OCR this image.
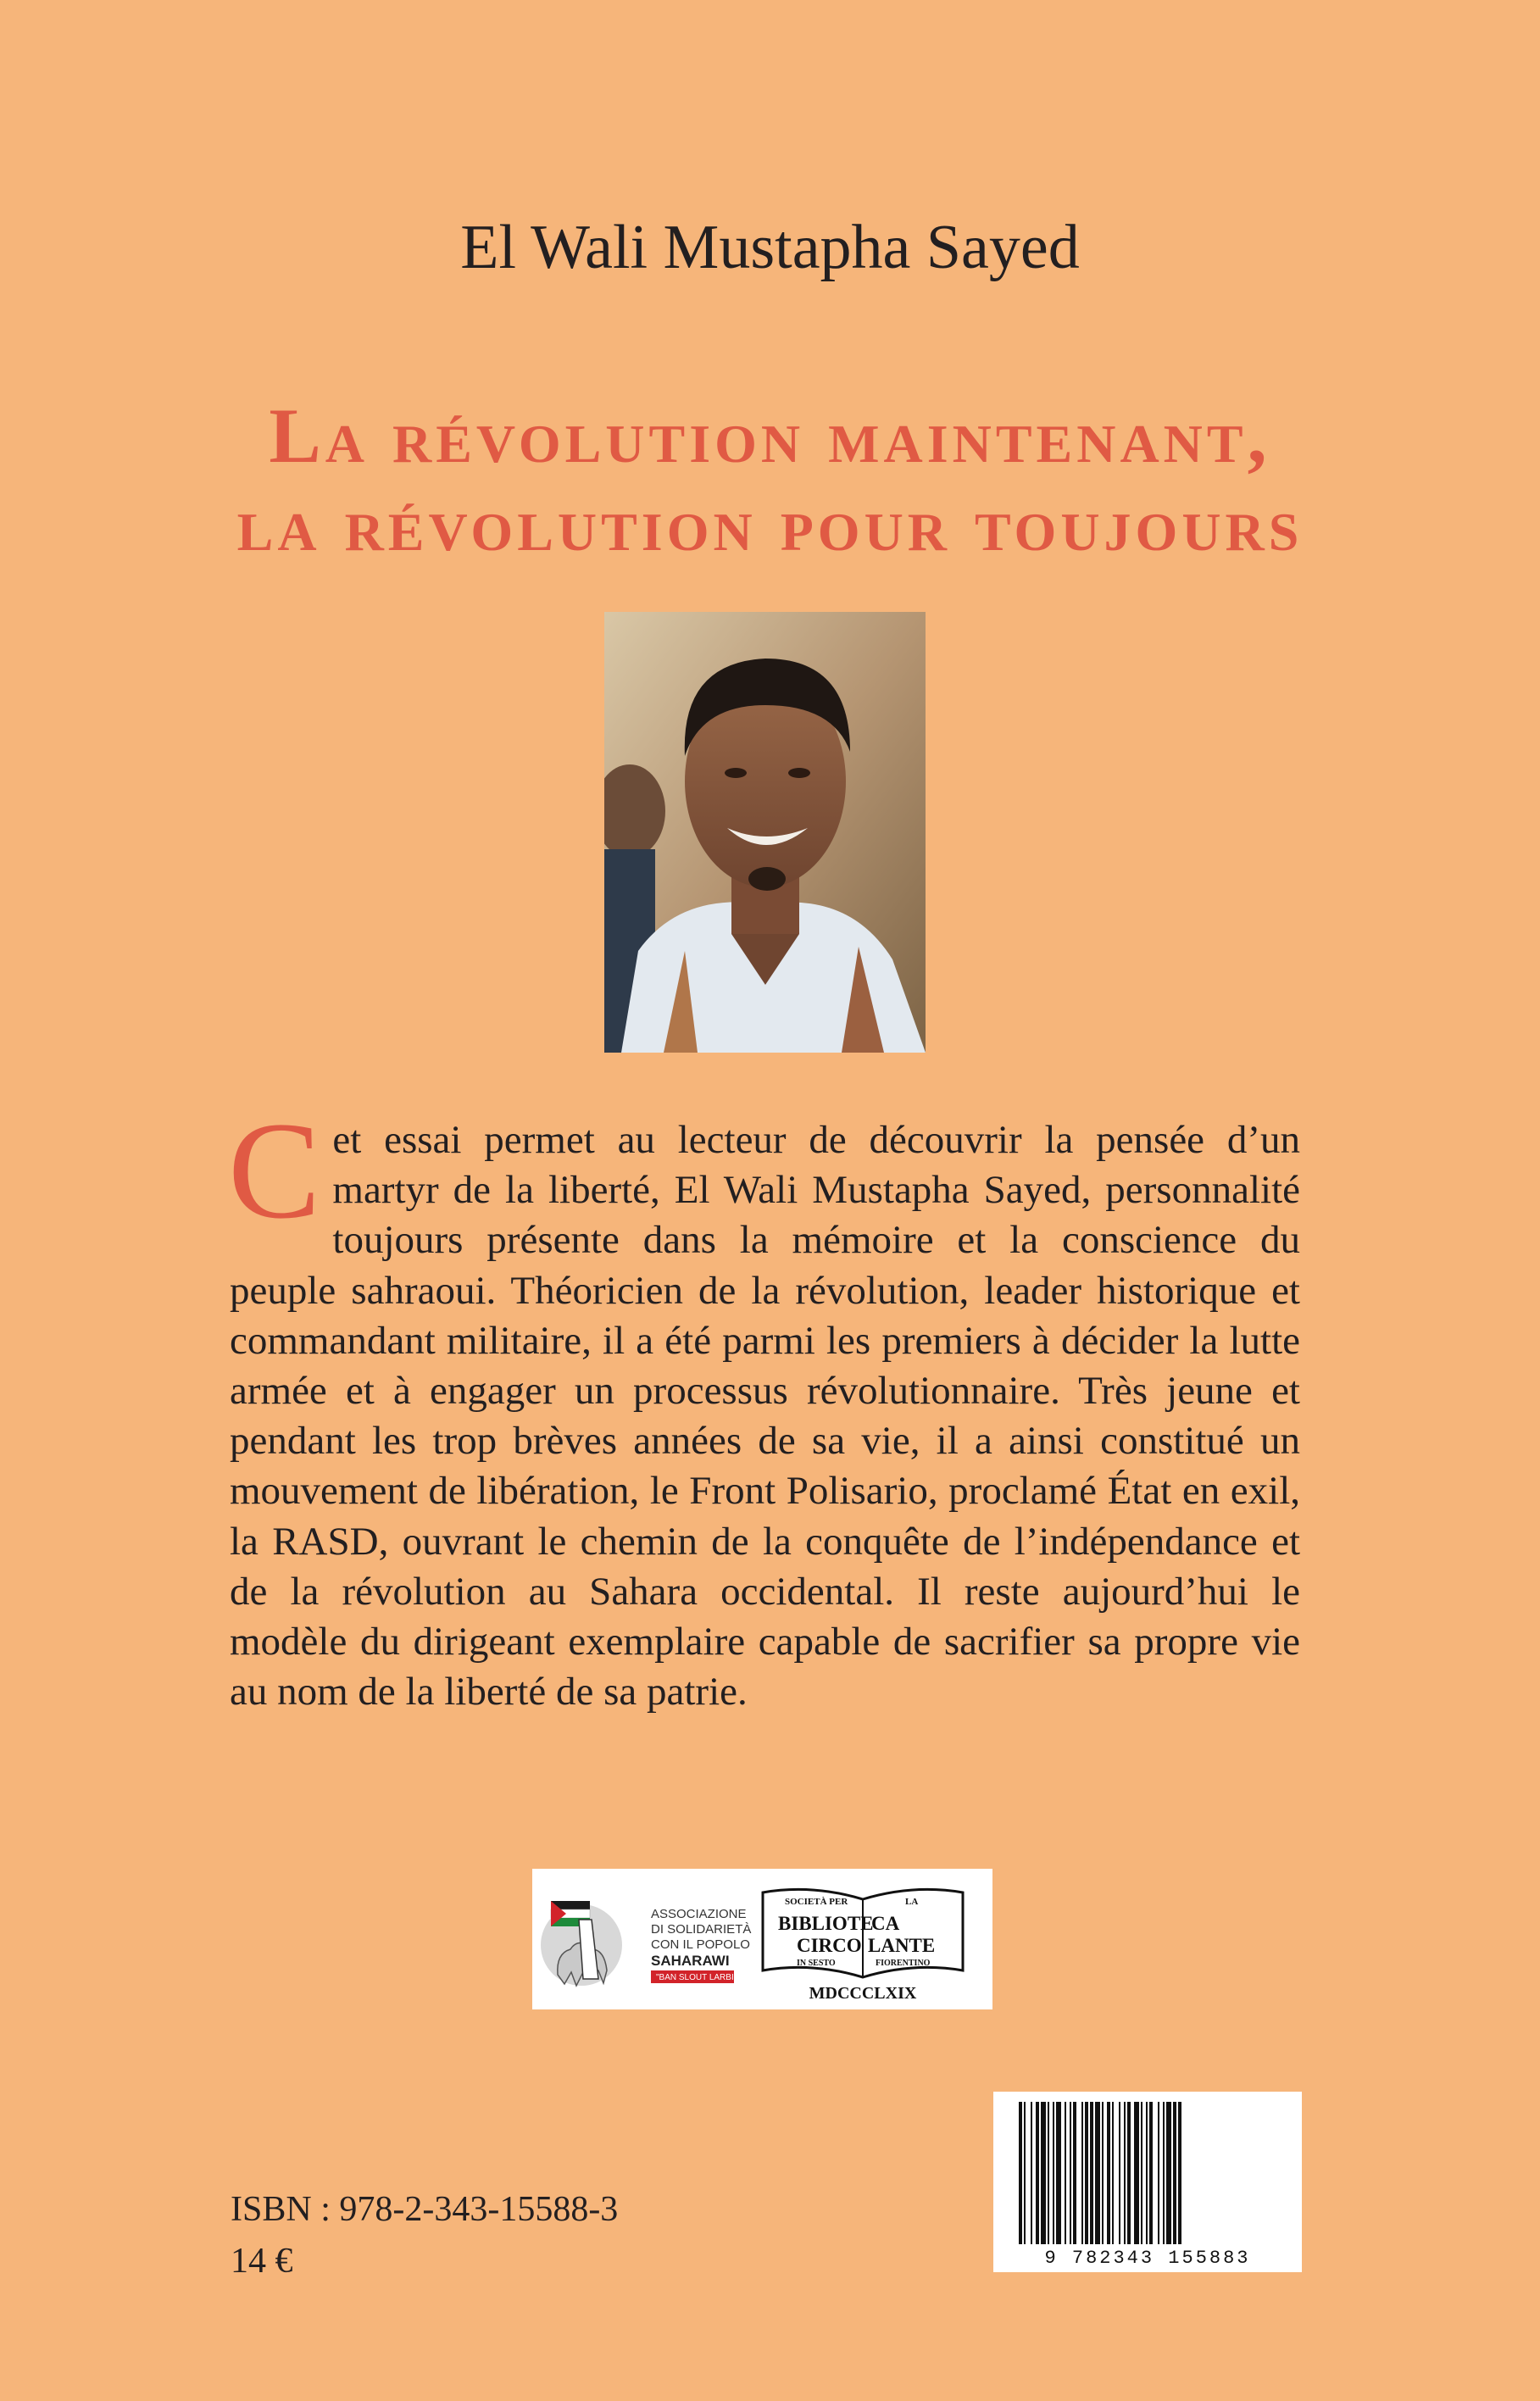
El Wali Mustapha Sayed
La révolution maintenant,
la révolution pour toujours
Cet essai permet au lecteur de découvrir la pensée d’un martyr de la liberté, El Wali Mustapha Sayed, personnalité toujours présente dans la mémoire et la conscience du peuple sahraoui. Théoricien de la révolution, leader historique et commandant militaire, il a été parmi les premiers à décider la lutte armée et à engager un processus révolutionnaire. Très jeune et pendant les trop brèves années de sa vie, il a ainsi constitué un mouvement de libération, le Front Polisario, proclamé État en exil, la RASD, ouvrant le chemin de la conquête de l’indépendance et de la révolution au Sahara occidental. Il reste aujourd’hui le modèle du dirigeant exemplaire capable de sacrifier sa propre vie au nom de la liberté de sa patrie.
ASSOCIAZIONE
DI SOLIDARIETÀ
CON IL POPOLO
SAHARAWI
"BAN SLOUT LARBI"
SOCIETÀ PER	LA
BIBLIOTE
CA
CIRCO LANTE
IN SESTO	FIORENTINO
MDCCCLXIX
ISBN : 978-2-343-15588-3
14 €	9 782343 155883
